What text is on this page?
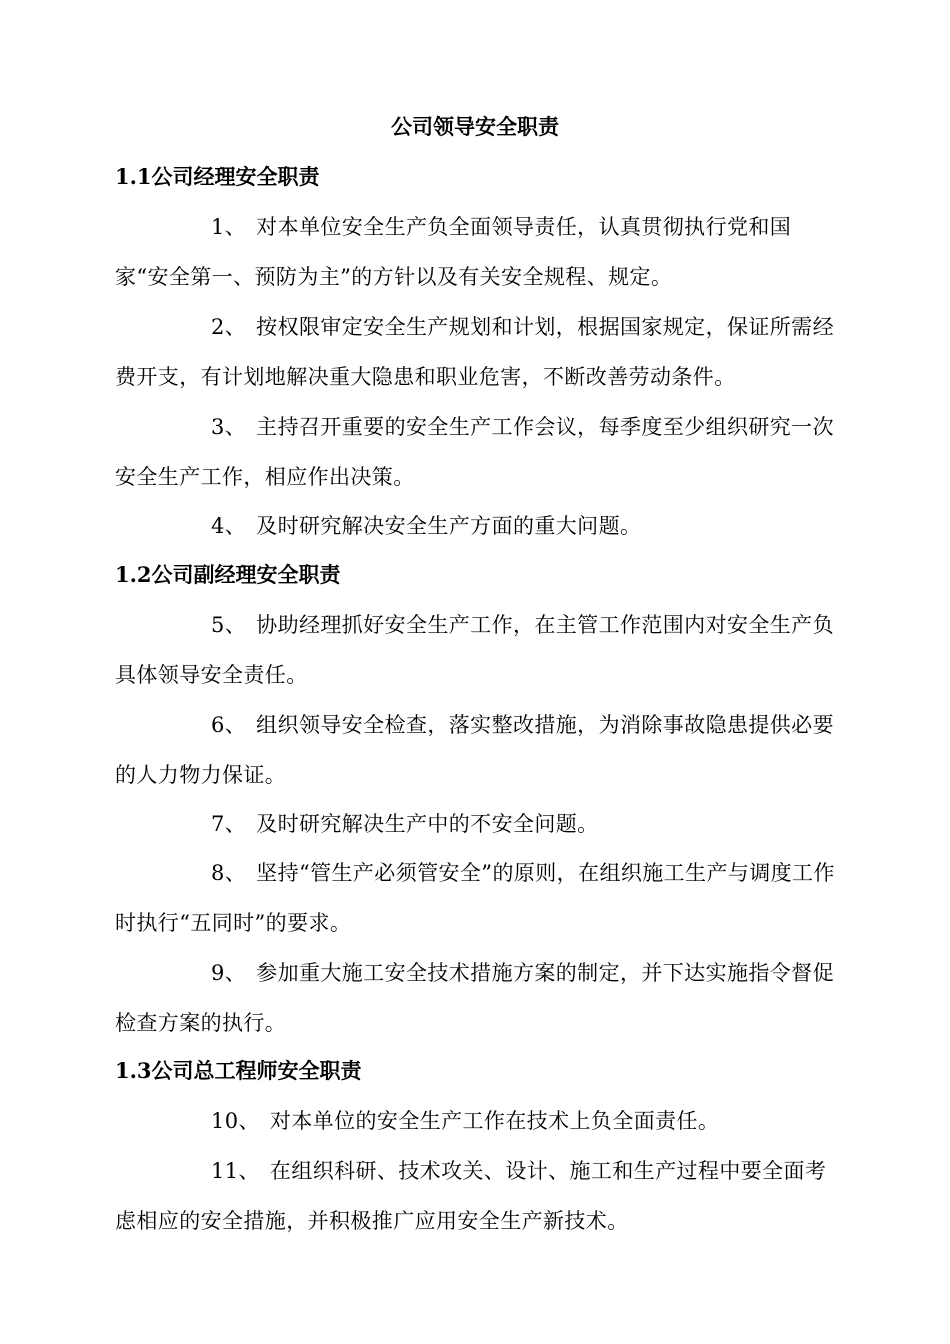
公司领导安全职责
1.1公司经理安全职责
1、 对本单位安全生产负全面领导责任，认真贯彻执行党和国家“安全第一、预防为主”的方针以及有关安全规程、规定。
2、 按权限审定安全生产规划和计划，根据国家规定，保证所需经费开支，有计划地解决重大隐患和职业危害，不断改善劳动条件。
3、 主持召开重要的安全生产工作会议，每季度至少组织研究一次安全生产工作，相应作出决策。
4、 及时研究解决安全生产方面的重大问题。
1.2公司副经理安全职责
5、 协助经理抓好安全生产工作，在主管工作范围内对安全生产负具体领导安全责任。
6、 组织领导安全检查，落实整改措施，为消除事故隐患提供必要的人力物力保证。
7、 及时研究解决生产中的不安全问题。
8、 坚持“管生产必须管安全”的原则，在组织施工生产与调度工作时执行“五同时”的要求。
9、 参加重大施工安全技术措施方案的制定，并下达实施指令督促检查方案的执行。
1.3公司总工程师安全职责
10、 对本单位的安全生产工作在技术上负全面责任。
11、 在组织科研、技术攻关、设计、施工和生产过程中要全面考虑相应的安全措施，并积极推广应用安全生产新技术。
